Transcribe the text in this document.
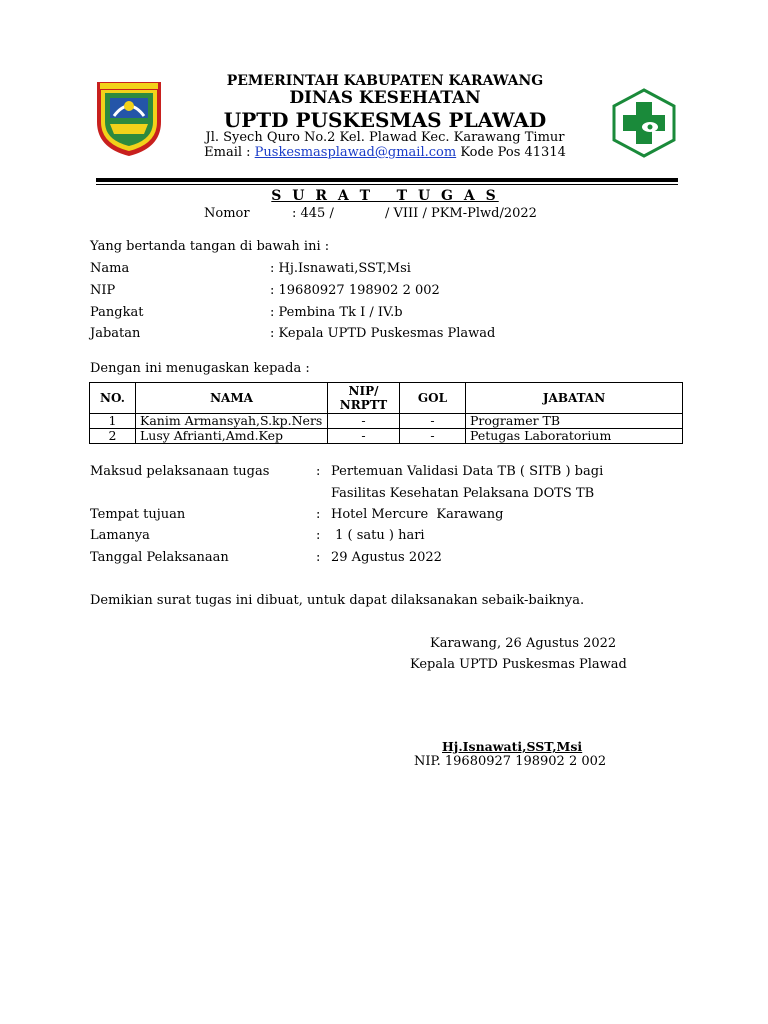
PEMERINTAH KABUPATEN KARAWANG
DINAS KESEHATAN
UPTD PUSKESMAS PLAWAD
Jl. Syech Quro No.2 Kel. Plawad Kec. Karawang Timur
Email : Puskesmasplawad@gmail.com Kode Pos 41314
S U R A T   T U G A S
Nomor	: 445 /	/ VIII / PKM-Plwd/2022
Yang bertanda tangan di bawah ini :
Nama	: Hj.Isnawati,SST,Msi
NIP	: 19680927 198902 2 002
Pangkat	: Pembina Tk I / IV.b
Jabatan	: Kepala UPTD Puskesmas Plawad
Dengan ini menugaskan kepada :
NO.	NAMA	NIP/ NRPTT	GOL	JABATAN
1	Kanim Armansyah,S.kp.Ners	-	-	Programer TB
2	Lusy Afrianti,Amd.Kep	-	-	Petugas Laboratorium
Maksud pelaksanaan tugas	: Pertemuan Validasi Data TB ( SITB ) bagi
Fasilitas Kesehatan Pelaksana DOTS TB
Tempat tujuan	: Hotel Mercure  Karawang
Lamanya	: 1 ( satu ) hari
Tanggal Pelaksanaan	: 29 Agustus 2022
Demikian surat tugas ini dibuat, untuk dapat dilaksanakan sebaik-baiknya.
Karawang, 26 Agustus 2022
Kepala UPTD Puskesmas Plawad
Hj.Isnawati,SST,Msi
NIP. 19680927 198902 2 002
